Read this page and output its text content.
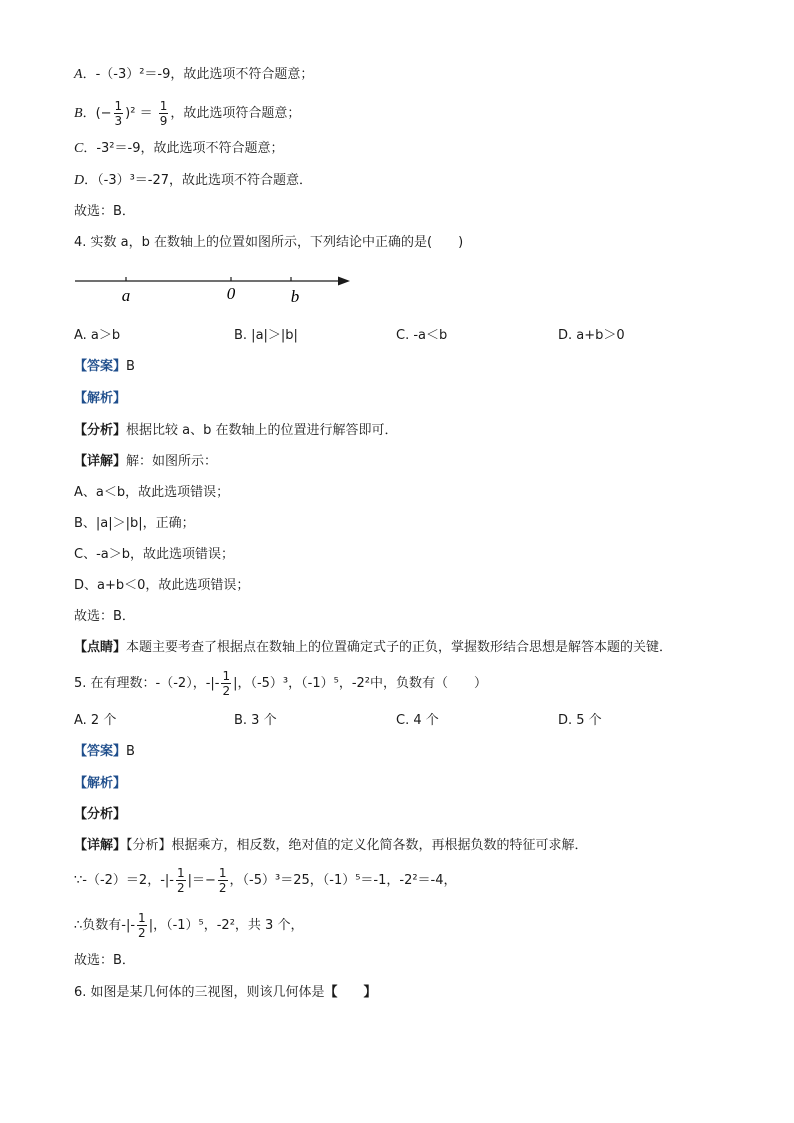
A．-（-3）²＝-9，故此选项不符合题意；
B．(− $\frac{1}{3} )^2 = \frac{1}{9}$ ，故此选项符合题意；
C．-3²＝-9，故此选项不符合题意；
D．（-3）³＝-27，故此选项不符合题意．
故选：B．
4. 实数 a，b 在数轴上的位置如图所示，下列结论中正确的是(　　)
a	0	b
A. a＞b	B. |a|＞|b|	C. -a＜b	D. a+b＞0
【答案】B
【解析】
【分析】根据比较 a、b 在数轴上的位置进行解答即可．
【详解】解：如图所示：
A、a＜b，故此选项错误；
B、|a|＞|b|，正确；
C、-a＞b，故此选项错误；
D、a+b＜0，故此选项错误；
故选：B．
【点睛】本题主要考查了根据点在数轴上的位置确定式子的正负，掌握数形结合思想是解答本题的关键．
5. 在有理数：-（-2），-|- $\frac{1}{2}$ |，（-5）³，（-1）⁵，-2²中，负数有（　　）
A. 2 个	B. 3 个	C. 4 个	D. 5 个
【答案】B
【解析】
【分析】
【详解】【分析】根据乘方，相反数，绝对值的定义化简各数，再根据负数的特征可求解．
∵-（-2）＝2，-|- $\frac{1}{2}$ |＝− $\frac{1}{2}$ ，（-5）³＝25，（-1）⁵＝-1，-2²＝-4，
∴负数有-|- $\frac{1}{2}$ |，（-1）⁵，-2²，共 3 个，
故选：B．
6. 如图是某几何体的三视图，则该几何体是【　　】
